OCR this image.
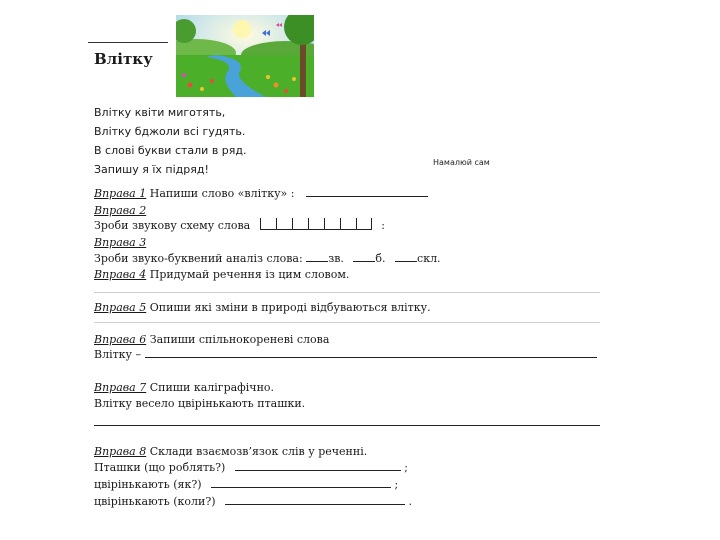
Влітку
Влітку квіти миготять,
Влітку бджоли всі гудять.
В слові букви стали в ряд.
Запишу я їх підряд!
Намалюй сам
Вправа 1 Напиши слово «влітку» :
Вправа 2
Зроби звукову схему слова	:
Вправа 3
Зроби звуко-буквений аналіз слова: зв.	б.	скл.
Вправа 4 Придумай речення із цим словом.
Вправа 5 Опиши які зміни в природі відбуваються влітку.
Вправа 6 Запиши спільнокореневі слова
Влітку –
Вправа 7 Спиши каліграфічно.
Влітку весело цвірінькають пташки.
Вправа 8 Склади взаємозв’язок слів у реченні.
Пташки (що роблять?)	;
цвірінькають (як?)	;
цвірінькають (коли?)	.
